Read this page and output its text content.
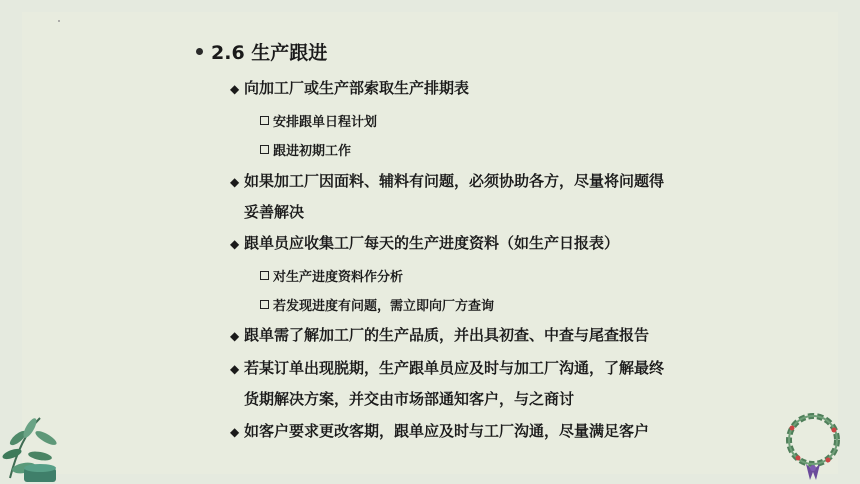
2.6 生产跟进
◆ 向加工厂或生产部索取生产排期表
安排跟单日程计划
跟进初期工作
◆ 如果加工厂因面料、辅料有问题，必须协助各方，尽量将问题得
妥善解决
◆ 跟单员应收集工厂每天的生产进度资料（如生产日报表）
对生产进度资料作分析
若发现进度有问题，需立即向厂方查询
◆ 跟单需了解加工厂的生产品质，并出具初查、中查与尾查报告
◆ 若某订单出现脱期，生产跟单员应及时与加工厂沟通，了解最终
货期解决方案，并交由市场部通知客户，与之商讨
◆ 如客户要求更改客期，跟单应及时与工厂沟通，尽量满足客户
